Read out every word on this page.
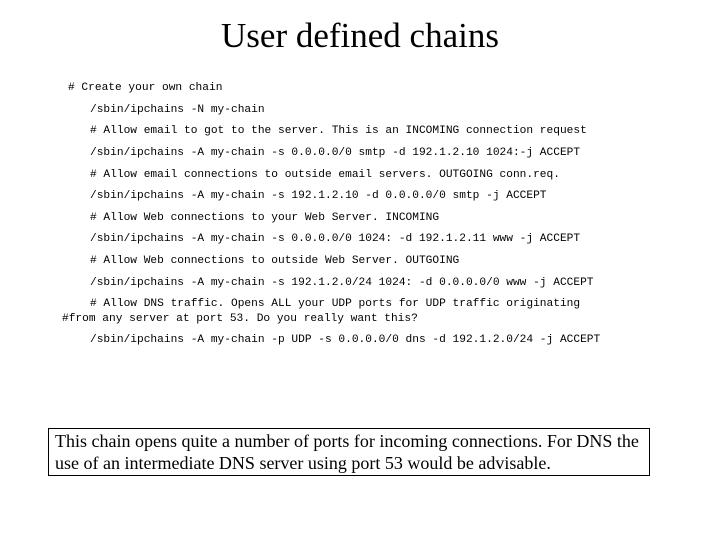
User defined chains
# Create your own chain
/sbin/ipchains -N my-chain
# Allow email to got to the server. This is an INCOMING connection request
/sbin/ipchains -A my-chain -s 0.0.0.0/0 smtp -d 192.1.2.10 1024:-j ACCEPT
# Allow email connections to outside email servers. OUTGOING conn.req.
/sbin/ipchains -A my-chain -s 192.1.2.10 -d 0.0.0.0/0 smtp -j ACCEPT
# Allow Web connections to your Web Server. INCOMING
/sbin/ipchains -A my-chain -s 0.0.0.0/0 1024: -d 192.1.2.11 www -j ACCEPT
# Allow Web connections to outside Web Server. OUTGOING
/sbin/ipchains -A my-chain -s 192.1.2.0/24 1024: -d 0.0.0.0/0 www -j ACCEPT
# Allow DNS traffic. Opens ALL your UDP ports for UDP traffic originating
#from any server at port 53. Do you really want this?
/sbin/ipchains -A my-chain -p UDP -s 0.0.0.0/0 dns -d 192.1.2.0/24 -j ACCEPT
This chain opens quite a number of ports for incoming connections. For DNS the use of an intermediate DNS server using port 53 would be advisable.
